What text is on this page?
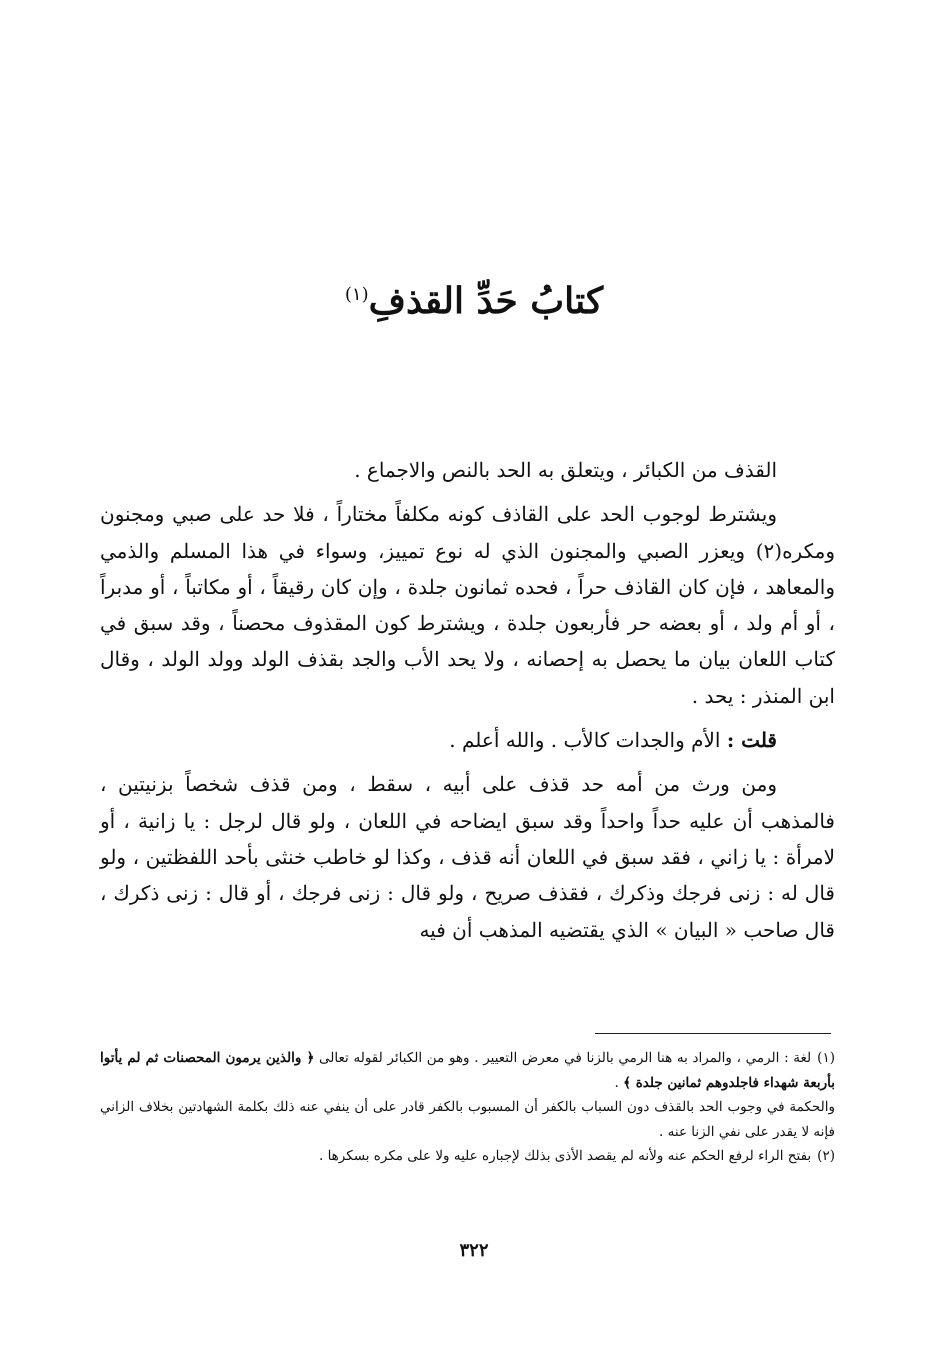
كتابُ حَدِّ القذفِ$^{(١)}$

القذف من الكبائر ، ويتعلق به الحد بالنص والاجماع .

ويشترط لوجوب الحد على القاذف كونه مكلفاً مختاراً ، فلا حد على صبي ومجنون ومكره(٢) ويعزر الصبي والمجنون الذي له نوع تمييز، وسواء في هذا المسلم والذمي والمعاهد ، فإن كان القاذف حراً ، فحده ثمانون جلدة ، وإن كان رقيقاً ، أو مكاتباً ، أو مدبراً ، أو أم ولد ، أو بعضه حر فأربعون جلدة ، ويشترط كون المقذوف محصناً ، وقد سبق في كتاب اللعان بيان ما يحصل به إحصانه ، ولا يحد الأب والجد بقذف الولد وولد الولد ، وقال ابن المنذر : يحد .

قلت : الأم والجدات كالأب . والله أعلم .

ومن ورث من أمه حد قذف على أبيه ، سقط ، ومن قذف شخصاً بزنيتين ، فالمذهب أن عليه حداً واحداً وقد سبق ايضاحه في اللعان ، ولو قال لرجل : يا زانية ، أو لامرأة : يا زاني ، فقد سبق في اللعان أنه قذف ، وكذا لو خاطب خنثى بأحد اللفظتين ، ولو قال له : زنى فرجك وذكرك ، فقذف صريح ، ولو قال : زنى فرجك ، أو قال : زنى ذكرك ، قال صاحب « البيان » الذي يقتضيه المذهب أن فيه

(١)لغة : الرمي ، والمراد به هنا الرمي بالزنا في معرض التعيير . وهو من الكبائر لقوله تعالى ﴿ والذين يرمون المحصنات ثم لم يأتوا بأربعة شهداء فاجلدوهم ثمانين جلدة ﴾ .

والحكمة في وجوب الحد بالقذف دون السباب بالكفر أن المسبوب بالكفر قادر على أن ينفي عنه ذلك بكلمة الشهادتين بخلاف الزاني فإنه لا يقدر على نفي الزنا عنه .

(٢)بفتح الراء لرفع الحكم عنه ولأنه لم يقصد الأذى بذلك لإجباره عليه ولا على مكره بسكرها .

٣٢٢
